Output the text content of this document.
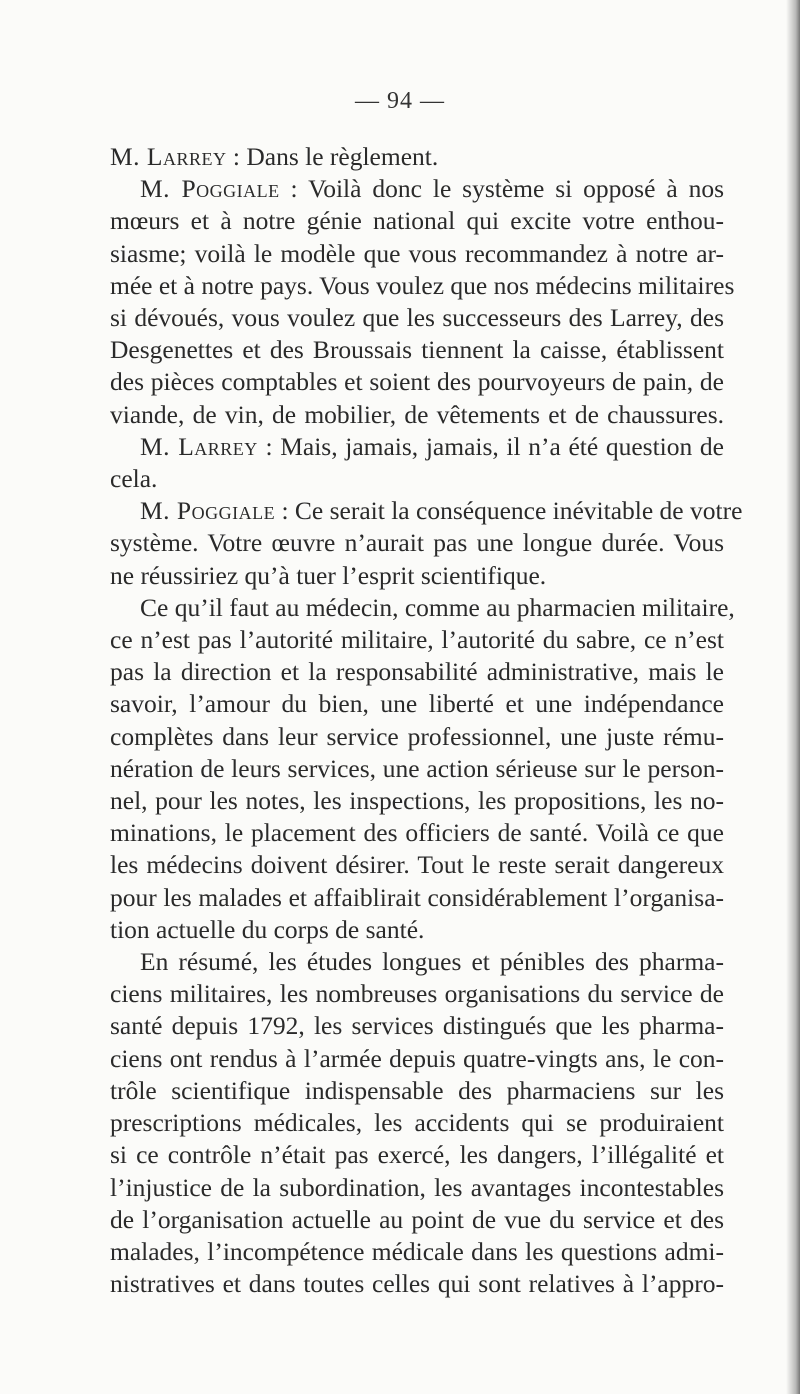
— 94 —

M. Larrey : Dans le règlement.

M. Poggiale : Voilà donc le système si opposé à nos
mœurs et à notre génie national qui excite votre enthou-
siasme; voilà le modèle que vous recommandez à notre ar-
mée et à notre pays. Vous voulez que nos médecins militaires
si dévoués, vous voulez que les successeurs des Larrey, des
Desgenettes et des Broussais tiennent la caisse, établissent
des pièces comptables et soient des pourvoyeurs de pain, de
viande, de vin, de mobilier, de vêtements et de chaussures.

M. Larrey : Mais, jamais, jamais, il n’a été question de
cela.

M. Poggiale : Ce serait la conséquence inévitable de votre
système. Votre œuvre n’aurait pas une longue durée. Vous
ne réussiriez qu’à tuer l’esprit scientifique.

Ce qu’il faut au médecin, comme au pharmacien militaire,
ce n’est pas l’autorité militaire, l’autorité du sabre, ce n’est
pas la direction et la responsabilité administrative, mais le
savoir, l’amour du bien, une liberté et une indépendance
complètes dans leur service professionnel, une juste rému-
nération de leurs services, une action sérieuse sur le person-
nel, pour les notes, les inspections, les propositions, les no-
minations, le placement des officiers de santé. Voilà ce que
les médecins doivent désirer. Tout le reste serait dangereux
pour les malades et affaiblirait considérablement l’organisa-
tion actuelle du corps de santé.

En résumé, les études longues et pénibles des pharma-
ciens militaires, les nombreuses organisations du service de
santé depuis 1792, les services distingués que les pharma-
ciens ont rendus à l’armée depuis quatre-vingts ans, le con-
trôle scientifique indispensable des pharmaciens sur les
prescriptions médicales, les accidents qui se produiraient
si ce contrôle n’était pas exercé, les dangers, l’illégalité et
l’injustice de la subordination, les avantages incontestables
de l’organisation actuelle au point de vue du service et des
malades, l’incompétence médicale dans les questions admi-
nistratives et dans toutes celles qui sont relatives à l’appro-
